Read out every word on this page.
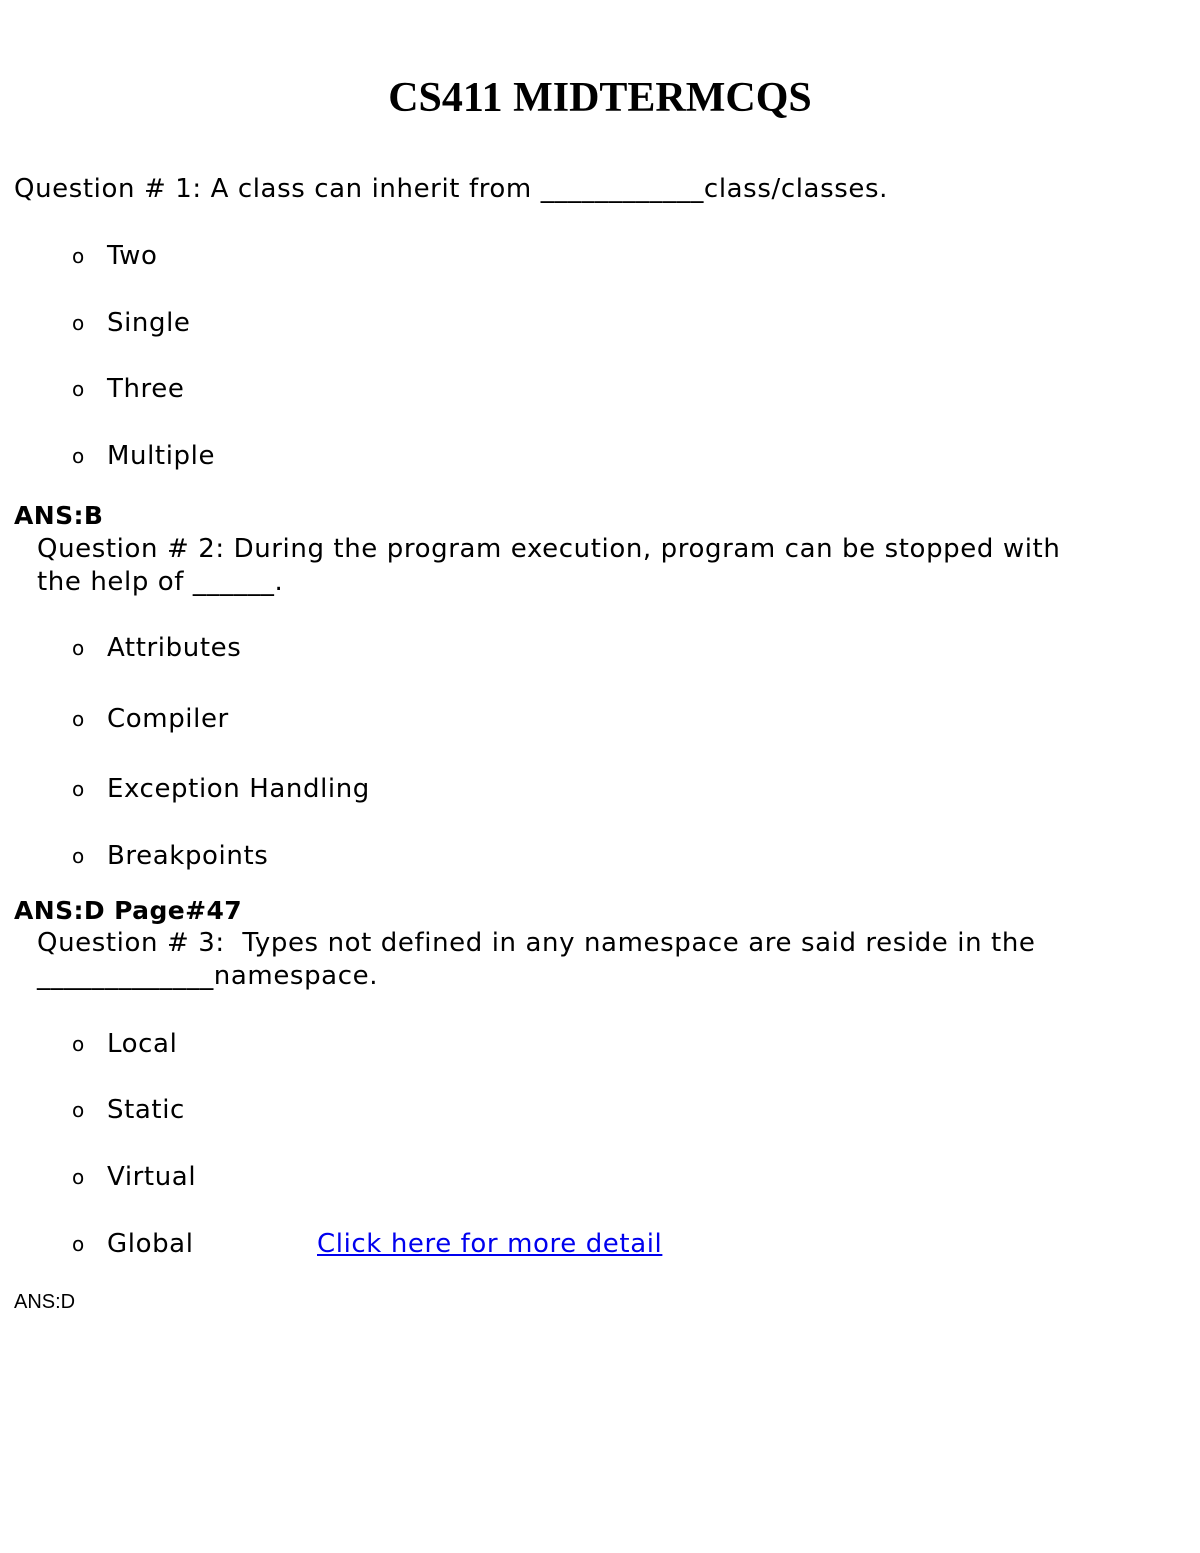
CS411 MIDTERMCQS
Question # 1: A class can inherit from ____________class/classes.
o Two
o Single
o Three
o Multiple
ANS:B
Question # 2: During the program execution, program can be stopped with
the help of ______.
o Attributes
o Compiler
o Exception Handling
o Breakpoints
ANS:D Page#47
Question # 3:  Types not defined in any namespace are said reside in the
_____________namespace.
o Local
o Static
o Virtual
o Global	Click here for more detail
ANS:D
